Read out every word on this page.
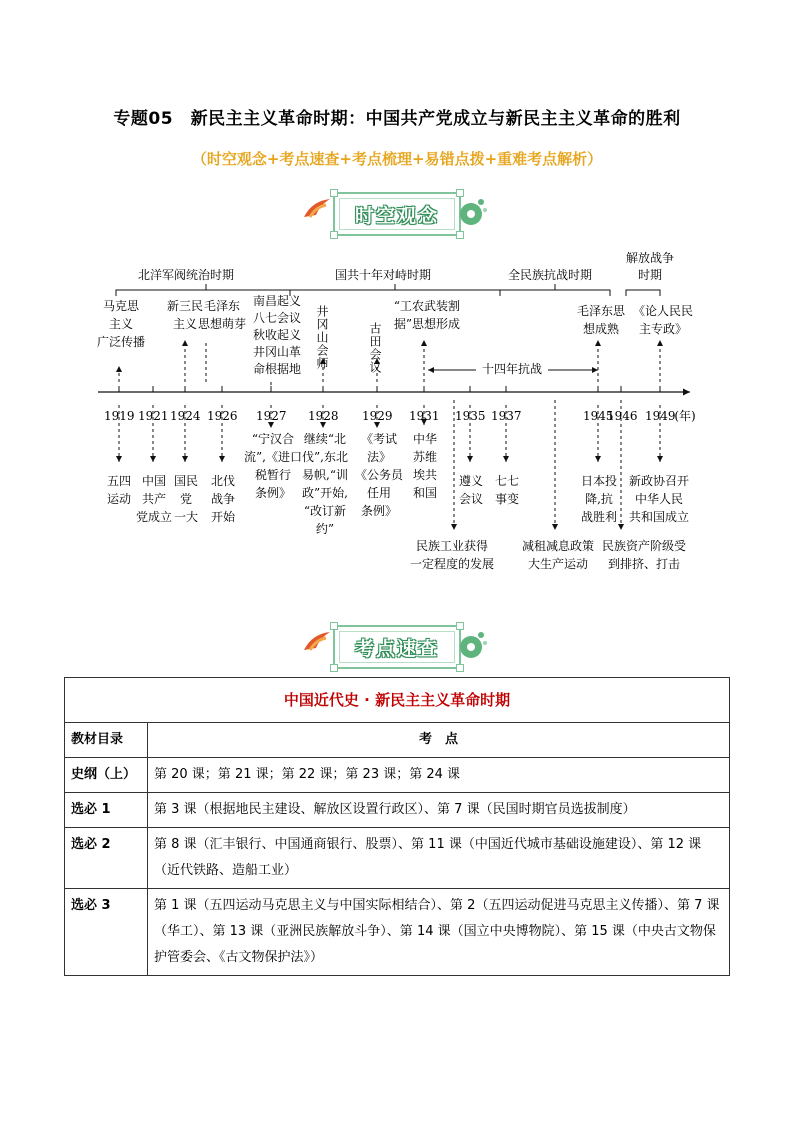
专题05　新民主主义革命时期：中国共产党成立与新民主主义革命的胜利
（时空观念+考点速查+考点梳理+易错点拨+重难考点解析）
时空观念
北洋军阀统治时期	国共十年对峙时期	全民族抗战时期
解放战争时期
马克思
主义
广泛传播
新三民
主义
毛泽东
思想萌芽
南昌起义
八七会议
秋收起义
井冈山革
命根据地	井冈山会师	古田会议
“工农武装割
据”思想形成
毛泽东思
想成熟
《论人民民
主专政》
十四年抗战
1919 1921 1924 1926 1927 1928 1929 1931 1935 1937	1945
1946 1949
(年)
五四
运动
中国
共产
党成立
国民
党
一大
北伐
战争
开始
“宁汉合
流”,《进口
税暂行
条例》
继续“北
伐”,东北
易帜,“训
政”开始,
“改订新
约”
《考试法》
《公务员
任用
条例》
中华
苏维
埃共
和国
遵义
会议
七七
事变
日本投
降,抗
战胜利
新政协召开
中华人民
共和国成立
民族工业获得
一定程度的发展
减租减息政策
大生产运动
民族资产阶级受
到排挤、打击
考点速查
中国近代史 · 新民主主义革命时期	
教材目录	考　点
史纲（上）	第 20 课；第 21 课；第 22 课；第 23 课；第 24 课
选必 1	第 3 课（根据地民主建设、解放区设置行政区）、第 7 课（民国时期官员选拔制度）
选必 2	第 8 课（汇丰银行、中国通商银行、股票）、第 11 课（中国近代城市基础设施建设）、第 12 课（近代铁路、造船工业）
选必 3	第 1 课（五四运动马克思主义与中国实际相结合）、第 2（五四运动促进马克思主义传播）、第 7 课（华工）、第 13 课（亚洲民族解放斗争）、第 14 课（国立中央博物院）、第 15 课（中央古文物保护管委会、《古文物保护法》）
